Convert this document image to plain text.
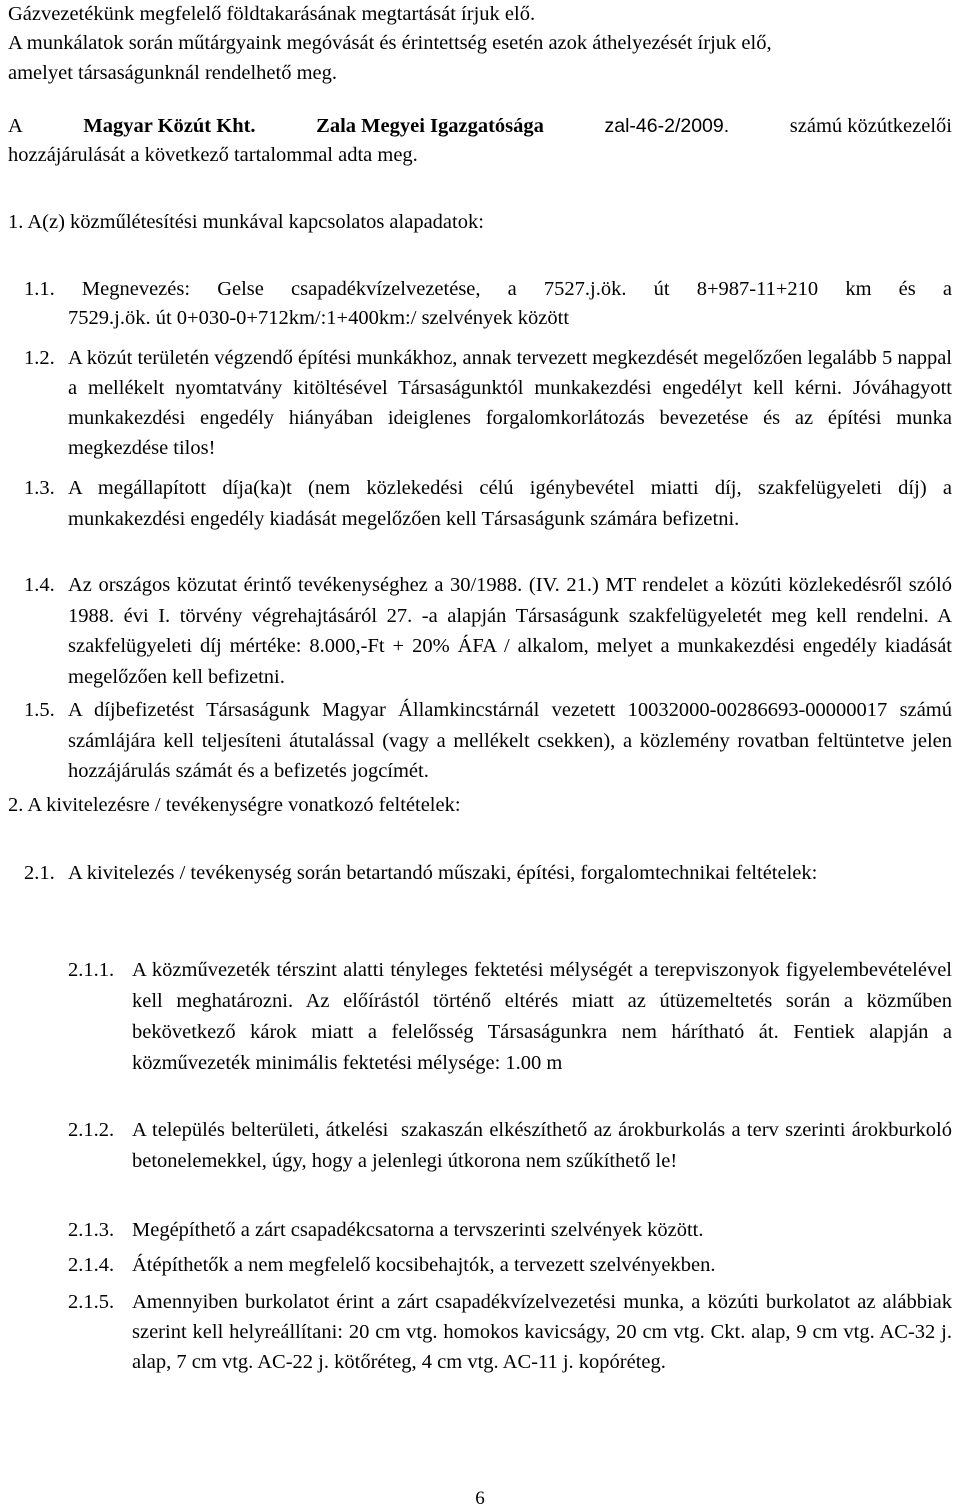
Gázvezetékünk megfelelő földtakarásának megtartását írjuk elő.
A munkálatok során műtárgyaink megóvását és érintettség esetén azok áthelyezését írjuk elő,
amelyet társaságunknál rendelhető meg.
A	Magyar Közút Kht.	Zala Megyei Igazgatósága	zal-46-2/2009.	számú közútkezelői
hozzájárulását a következő tartalommal adta meg.
1. A(z) közműlétesítési munkával kapcsolatos alapadatok:
1.1. Megnevezés: Gelse csapadékvízelvezetése, a 7527.j.ök. út 8+987-11+210 km és a
7529.j.ök. út 0+030-0+712km/:1+400km:/ szelvények között
1.2. A közút területén végzendő építési munkákhoz, annak tervezett megkezdését megelőzően legalább 5 nappal a mellékelt nyomtatvány kitöltésével Társaságunktól munkakezdési engedélyt kell kérni. Jóváhagyott munkakezdési engedély hiányában ideiglenes forgalomkorlátozás bevezetése és az építési munka megkezdése tilos!
1.3. A megállapított díja(ka)t (nem közlekedési célú igénybevétel miatti díj, szakfelügyeleti díj) a munkakezdési engedély kiadását megelőzően kell Társaságunk számára befizetni.
1.4. Az országos közutat érintő tevékenységhez a 30/1988. (IV. 21.) MT rendelet a közúti közlekedésről szóló 1988. évi I. törvény végrehajtásáról 27. -a alapján Társaságunk szakfelügyeletét meg kell rendelni. A szakfelügyeleti díj mértéke: 8.000,-Ft + 20% ÁFA / alkalom, melyet a munkakezdési engedély kiadását megelőzően kell befizetni.
1.5. A díjbefizetést Társaságunk Magyar Államkincstárnál vezetett 10032000-00286693-00000017 számú számlájára kell teljesíteni átutalással (vagy a mellékelt csekken), a közlemény rovatban feltüntetve jelen hozzájárulás számát és a befizetés jogcímét.
2. A kivitelezésre / tevékenységre vonatkozó feltételek:
2.1. A kivitelezés / tevékenység során betartandó műszaki, építési, forgalomtechnikai feltételek:
2.1.1. A közművezeték térszint alatti tényleges fektetési mélységét a terepviszonyok figyelembevételével kell meghatározni. Az előírástól történő eltérés miatt az útüzemeltetés során a közműben bekövetkező károk miatt a felelősség Társaságunkra nem hárítható át. Fentiek alapján a közművezeték minimális fektetési mélysége: 1.00 m
2.1.2. A település belterületi, átkelési  szakaszán elkészíthető az árokburkolás a terv szerinti árokburkoló betonelemekkel, úgy, hogy a jelenlegi útkorona nem szűkíthető le!
2.1.3. Megépíthető a zárt csapadékcsatorna a tervszerinti szelvények között.
2.1.4. Átépíthetők a nem megfelelő kocsibehajtók, a tervezett szelvényekben.
2.1.5. Amennyiben burkolatot érint a zárt csapadékvízelvezetési munka, a közúti burkolatot az alábbiak szerint kell helyreállítani: 20 cm vtg. homokos kavicságy, 20 cm vtg. Ckt. alap, 9 cm vtg. AC-32 j. alap, 7 cm vtg. AC-22 j. kötőréteg, 4 cm vtg. AC-11 j. kopóréteg.
6
